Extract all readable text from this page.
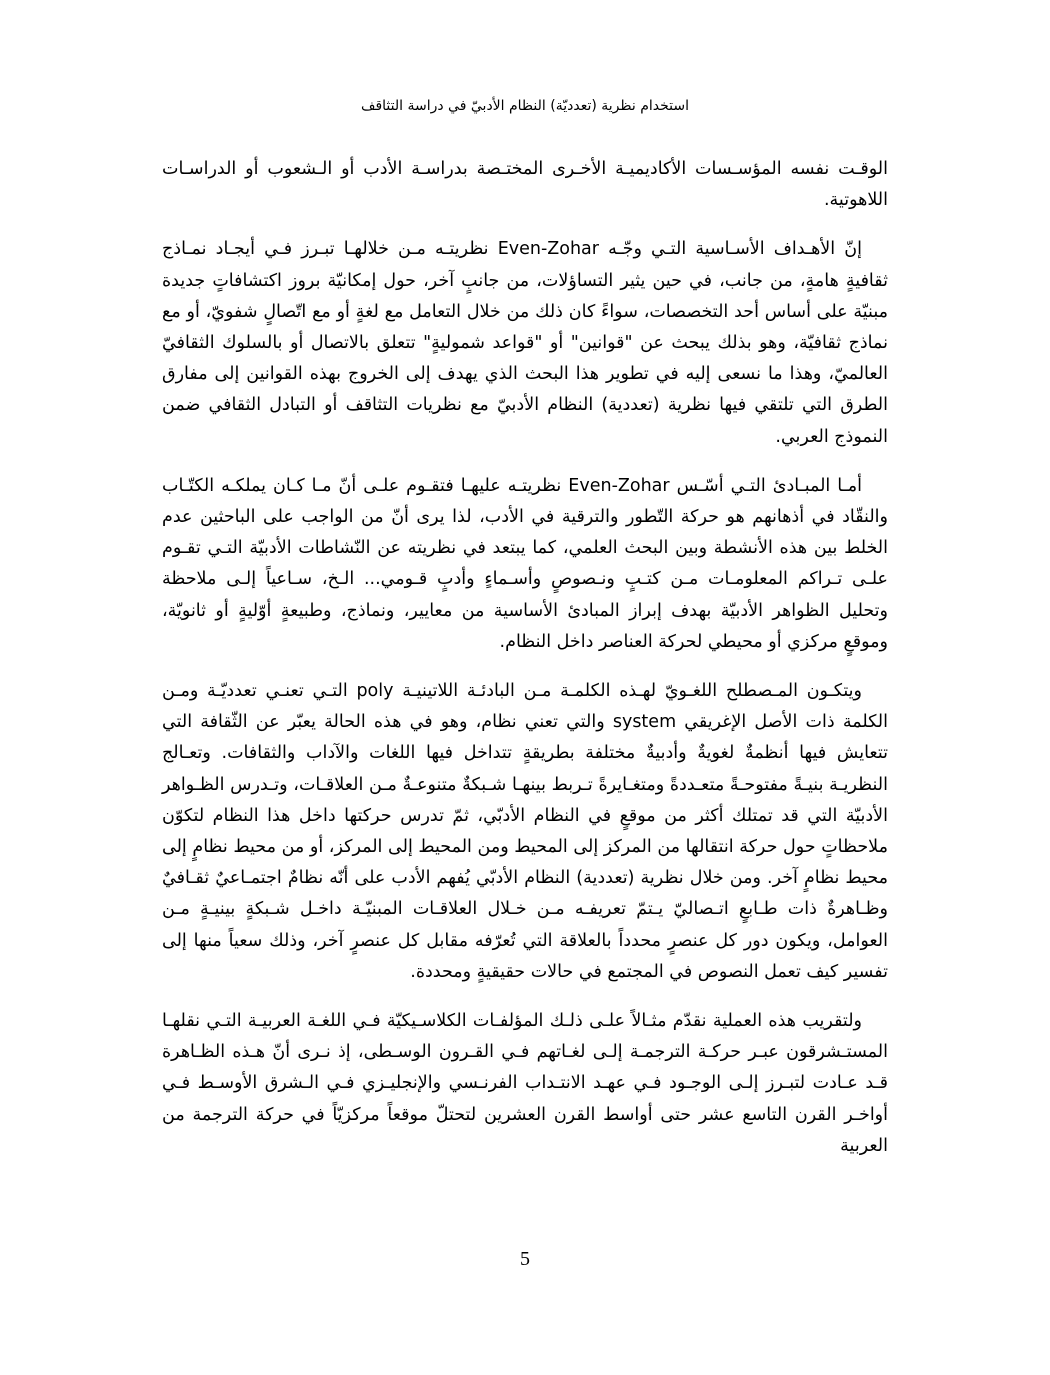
استخدام نظرية (تعدديّة) النظام الأدبيّ في دراسة التثاقف

الوقـت نفسه المؤسـسات الأكاديميـة الأخـرى المختـصة بدراسـة الأدب أو الـشعوب أو الدراسـات اللاهوتية.

إنّ الأهـداف الأسـاسية التـي وجّـه Even-Zohar نظريتـه مـن خلالهـا تبـرز فـي أيجـاد نمـاذج ثقافيةٍ هامةٍ، من جانب، في حين يثير التساؤلات، من جانبٍ آخر، حول إمكانيّة بروز اكتشافاتٍ جديدة مبنيّة على أساس أحد التخصصات، سواءً كان ذلك من خلال التعامل مع لغةٍ أو مع اتّصالٍ شفويّ، أو مع نماذج ثقافيّة، وهو بذلك يبحث عن "قوانين" أو "قواعد شموليةٍ" تتعلق بالاتصال أو بالسلوك الثقافيّ العالميّ، وهذا ما نسعى إليه في تطوير هذا البحث الذي يهدف إلى الخروج بهذه القوانين إلى مفارق الطرق التي تلتقي فيها نظرية (تعددية) النظام الأدبيّ مع نظريات التثاقف أو التبادل الثقافي ضمن النموذج العربي.

أمـا المبـادئ التـي أسّـس Even-Zohar نظريتـه عليهـا فتقـوم علـى أنّ مـا كـان يملكـه الكتّـاب والنقّاد في أذهانهم هو حركة التّطور والترقية في الأدب، لذا يرى أنّ من الواجب على الباحثين عدم الخلط بين هذه الأنشطة وبين البحث العلمي، كما يبتعد في نظريته عن النّشاطات الأدبيّة التـي تقـوم علـى تـراكم المعلومـات مـن كتـبٍ ونـصوصٍ وأسـماءٍ وأدبٍ قـومي... الـخ، سـاعياً إلـى ملاحظة وتحليل الظواهر الأدبيّة بهدف إبراز المبادئ الأساسية من معايير، ونماذج، وطبيعةٍ أوّليةٍ أو ثانويّة، وموقعٍ مركزي أو محيطي لحركة العناصر داخل النظام.

ويتكـون المـصطلح اللغـويّ لهـذه الكلمـة مـن البادئـة اللاتينيـة poly التـي تعنـي تعدديّـة ومـن الكلمة ذات الأصل الإغريقي system والتي تعني نظام، وهو في هذه الحالة يعبّر عن الثّقافة التي تتعايش فيها أنظمةٌ لغويةٌ وأدبيةٌ مختلفة بطريقةٍ تتداخل فيها اللغات والآداب والثقافات. وتعـالج النظريـة بنيـةً مفتوحـةً متعـددةً ومتغـايرةً تـربط بينهـا شـبكةٌ متنوعـةٌ مـن العلاقـات، وتـدرس الظـواهر الأدبيّة التي قد تمتلك أكثر من موقعٍ في النظام الأدبّي، ثمّ تدرس حركتها داخل هذا النظام لتكوّن ملاحظاتٍ حول حركة انتقالها من المركز إلى المحيط ومن المحيط إلى المركز، أو من محيط نظامٍ إلى محيط نظامٍ آخر. ومن خلال نظرية (تعددية) النظام الأدبّي يُفهم الأدب على أنّه نظامٌ اجتمـاعيٌ ثقـافيٌ وظـاهرةٌ ذات طـابعٍ اتـصاليّ يـتمّ تعريفـه مـن خـلال العلاقـات المبنيّـة داخـل شـبكةٍ بينيـةٍ مـن العوامل، ويكون دور كل عنصرٍ محدداً بالعلاقة التي تُعرّفه مقابل كل عنصرٍ آخر، وذلك سعياً منها إلى تفسير كيف تعمل النصوص في المجتمع في حالات حقيقيةٍ ومحددة.

ولتقريب هذه العملية نقدّم مثـالاً علـى ذلـك المؤلفـات الكلاسـيكيّة فـي اللغـة العربيـة التـي نقلهـا المستـشرقون عبـر حركـة الترجمـة إلـى لغـاتهم فـي القـرون الوسـطى، إذ نـرى أنّ هـذه الظـاهرة قـد عـادت لتبـرز إلـى الوجـود فـي عهـد الانتـداب الفرنـسي والإنجليـزي فـي الـشرق الأوسـط فـي أواخـر القرن التاسع عشر حتى أواسط القرن العشرين لتحتلّ موقعاً مركزيّاً في حركة الترجمة من العربية

5
